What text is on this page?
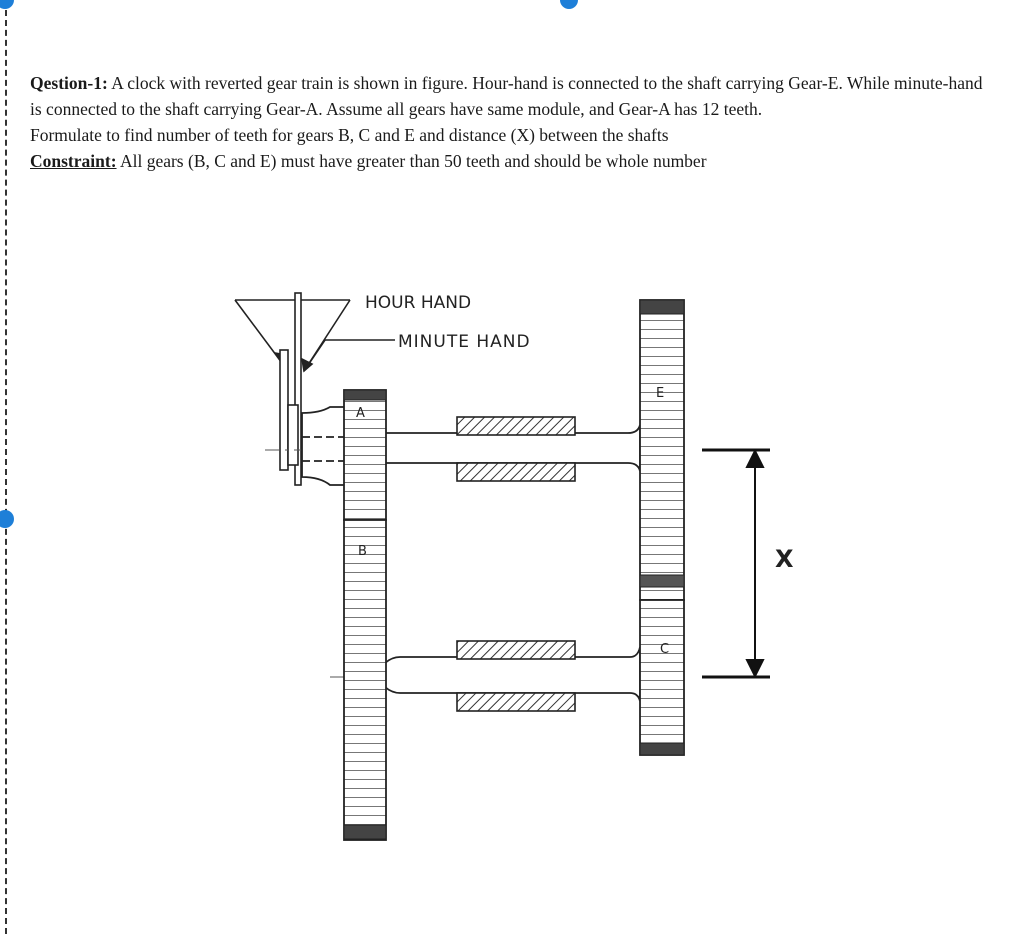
Qestion-1: A clock with reverted gear train is shown in figure. Hour-hand is connected to the shaft carrying Gear-E. While minute-hand is connected to the shaft carrying Gear-A. Assume all gears have same module, and Gear-A has 12 teeth.

Formulate to find number of teeth for gears B, C and E and distance (X) between the shafts

Constraint: All gears (B, C and E) must have greater than 50 teeth and should be whole number

HOUR HAND
MINUTE HAND
A
B
E
C
X
